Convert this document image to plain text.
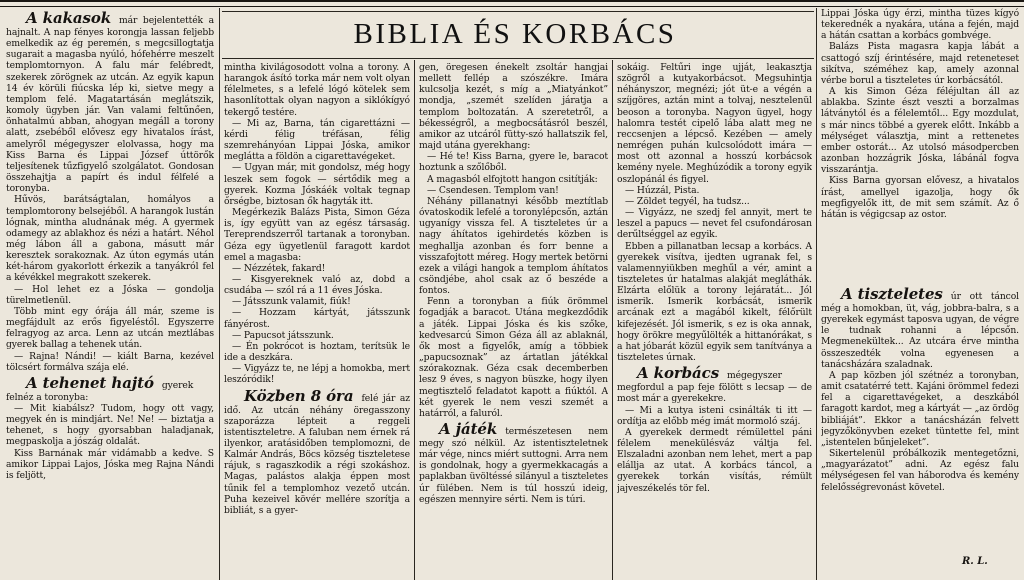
BIBLIA ÉS KORBÁCS

A kakasok már bejelentették a hajnalt. A nap fényes korongja lassan feljebb emelkedik az ég peremén, s megcsillogtatja sugarait a magasba nyúló, hófehérre meszelt templomtornyon. A falu már felébredt, szekerek zörögnek az utcán. Az egyik kapun 14 év körüli fiúcska lép ki, sietve megy a templom felé. Magatartásán meglátszik, komoly ügyben jár. Van valami feltűnően, önhatalmú abban, ahogyan megáll a torony alatt, zsebéből elővesz egy hivatalos írást, amelyről mégegyszer elolvassa, hogy ma Kiss Barna és Lippai József úttörők teljesítenek tűzfigyelő szolgálatot. Gondosan összehajtja a papírt és indul félfelé a toronyba.

Hűvös, barátságtalan, homályos a templomtorony belsejéből. A harangok lustán lógnak, mintha aludnának még. A gyermek odamegy az ablakhoz és nézi a határt. Néhol még lábon áll a gabona, másutt már keresztek sorakoznak. Az úton egymás után két-három gyakorlott érkezik a tanyákról fel a kévékkel megrakott szekerek.

— Hol lehet ez a Jóska — gondolja türelmetlenül.

Több mint egy órája áll már, szeme is megfájdult az erős figyeléstől. Egyszerre felragyog az arca. Lenn az utcán meztlábas gyerek ballag a tehenek után.

— Rajna! Nándi! — kiált Barna, kezével tölcsért formálva szája elé.

A tehenet hajtó gyerek felnéz a toronyba:

— Mit kiabálsz? Tudom, hogy ott vagy, megyek én is mindjárt. Ne! Ne! — biztatja a tehenet, s hogy gyorsabban haladjanak, megpaskolja a jószág oldalát.

Kiss Barnának már vidámabb a kedve. S amikor Lippai Lajos, Jóska meg Rajna Nándi is feljött,

mintha kivilágosodott volna a torony. A harangok ásító torka már nem volt olyan félelmetes, s a lefelé lógó kötelek sem hasonlítottak olyan nagyon a siklókígyó tekergő testére.

— Mi az, Barna, tán cigarettázni — kérdi félig tréfásan, félig szemrehányóan Lippai Jóska, amikor meglátta a földön a cigarettavégeket.

— Ugyan már, mit gondolsz, még hogy leszek sem fogok — sértődik meg a gyerek. Kozma Jóskáék voltak tegnap őrségbe, biztosan ők hagyták itt.

Megérkezik Balázs Pista, Simon Géza is, így együtt van az egész társaság. Tereprendszerről tartanak a toronyban. Géza egy ügyetlenül faragott kardot emel a magasba:

— Nézzétek, fakard!

— Kisgyereknek való az, dobd a csudába — szól rá a 11 éves Jóska.

— Játsszunk valamit, fiúk!

— Hozzam kártyát, játsszunk fányérost.

— Papucsot játsszunk.

— Én pokrócot is hoztam, terítsük le ide a deszkára.

— Vigyázz te, ne lépj a homokba, mert leszóródik!

Közben 8 óra felé jár az idő. Az utcán néhány öregasszony szaporázza lépteit a reggeli istentiszteletre. A faluban nem érnek rá ilyenkor, aratásidőben templomozni, de Kalmár András, Böcs község tiszteletese rájuk, s ragaszkodik a régi szokáshoz. Magas, palástos alakja éppen most tűnik fel a templomhoz vezető utcán. Puha kezeivel kövér mellére szorítja a bibliát, s a gyer-

gen, öregesen énekelt zsoltár hangjai mellett fellép a szószékre. Imára kulcsolja kezét, s míg a „Miatyánkot” mondja, „szemét szelíden járatja a templom boltozatán. A szeretetről, a békességről, a megbocsátásról beszél, amikor az utcáról fütty-szó hallatszik fel, majd utána gyerekhang:

— Hé te! Kiss Barna, gyere le, baracot hoztunk a szőlőből.

A magasból elfojtott hangon csitítják:

— Csendesen. Templom van!

Néhány pillanatnyi később meztítlab óvatoskodik lefelé a toronylépcsőn, aztán ugyanígy vissza fel. A tiszteletes úr a nagy áhítatos igehirdetés közben is meghallja azonban és forr benne a visszafojtott méreg. Hogy mertek betörni ezek a világi hangok a templom áhítatos csöndjébe, ahol csak az ő beszéde a fontos.

Fenn a toronyban a fiúk örömmel fogadják a baracot. Utána megkezdődik a játék. Lippai Jóska és kis szőke, kedvesarcú Simon Géza áll az ablaknál, ők most a figyelők, amíg a többiek „papucsoznak” az ártatlan játékkal szórakoznak. Géza csak decemberben lesz 9 éves, s nagyon büszke, hogy ilyen megtisztelő feladatot kapott a fiúktól. A két gyerek le nem veszi szemét a határról, a faluról.

A játék természetesen nem megy szó nélkül. Az istentiszteletnek már vége, nincs miért suttogni. Arra nem is gondolnak, hogy a gyermekkacagás a paplakban üvöltéssé silányul a tiszteletes úr fülében. Nem is túl hosszú ideig, egészen mennyire sérti. Nem is túri.

sokáig. Feltűri inge ujját, leakasztja szögről a kutyakorbácsot. Megsuhintja néhányszor, megnézi; jót üt-e a végén a szíjgöres, aztán mint a tolvaj, nesztelenül beoson a toronyba. Nagyon ügyel, hogy halomra testét cipelő lába alatt meg ne reccsenjen a lépcső. Kezében — amely nemrégen puhán kulcsolódott imára — most ott azonnal a hosszú korbácsok kemény nyele. Meghúzódik a torony egyik oszlopánál és figyel.

— Húzzál, Pista.

— Zöldet tegyél, ha tudsz...

— Vigyázz, ne szedj fel annyit, mert te leszel a papucs — nevet fel csufondárosan derűltséggel az egyik.

Ebben a pillanatban lecsap a korbács. A gyerekek visítva, ijedten ugranak fel, s valamennyiükben meghűl a vér, amint a tiszteletes úr hatalmas alakját megláthák. Elzárta előlük a torony lejáratát... Jól ismerik. Ismerik korbácsát, ismerik arcának ezt a magából kikelt, félőrült kifejezését. Jól ismerik, s ez is oka annak, hogy örökre megyűlölték a hittanórákat, s a hat jóbarát közül egyik sem tanítványa a tiszteletes úrnak.

A korbács mégegyszer megfordul a pap feje fölött s lecsap — de most már a gyerekekre.

— Mi a kutya isteni csinálták ti itt — ordítja az előbb még imát mormoló száj.

A gyerekek dermedt rémülettel páni félelem menekülésváz váltja fel. Elszaladni azonban nem lehet, mert a pap elállja az utat. A korbács táncol, a gyerekek torkán visítás, rémült jajveszékelés tör fel.

Lippai Jóska úgy érzi, mintha tüzes kígyó tekerednék a nyakára, utána a fején, majd a hátán csattan a korbács gombvége.

Balázs Pista magasra kapja lábát a csattogó szíj érintésére, majd reteneteset sikítva, széméhez kap, amely azonnal vérbe borul a tiszteletes úr korbácsától.

A kis Simon Géza féléjultan áll az ablakba. Szinte észt veszti a borzalmas látványtól és a félelemtől... Egy mozdulat, s már nincs többé a gyerek előtt. Inkább a mélységet választja, mint a rettenetes ember ostorát... Az utolsó másodpercben azonban hozzágrik Jóska, lábánál fogva visszarántja.

Kiss Barna gyorsan elővesz, a hivatalos írást, amellyel igazolja, hogy ők megfigyelők itt, de mit sem számít. Az ő hátán is végigcsap az ostor.

A tiszteletes úr ott táncol még a homokban, üt, vág, jobbra-balra, s a gyerekek egymást taposva ugyan, de végre le tudnak rohanni a lépcsőn. Megmenekültek... Az utcára érve mintha összeszedték volna egyenesen a tanácsházára szaladnak.

A pap közben jól szétnéz a toronyban, amit csatatérré tett. Kajáni örömmel fedezi fel a cigarettavégeket, a deszkából faragott kardot, meg a kártyát — „az ördög bibliáját”. Ekkor a tanácsházán felvett jegyzőkönyvben ezeket tüntette fel, mint „istentelen bűnjeleket”.

Sikertelenül próbálkozik mentegetőzni, „magyarázatot” adni. Az egész falu mélységesen fel van háborodva és kemény felelősségrevonást követel.

R. L.
